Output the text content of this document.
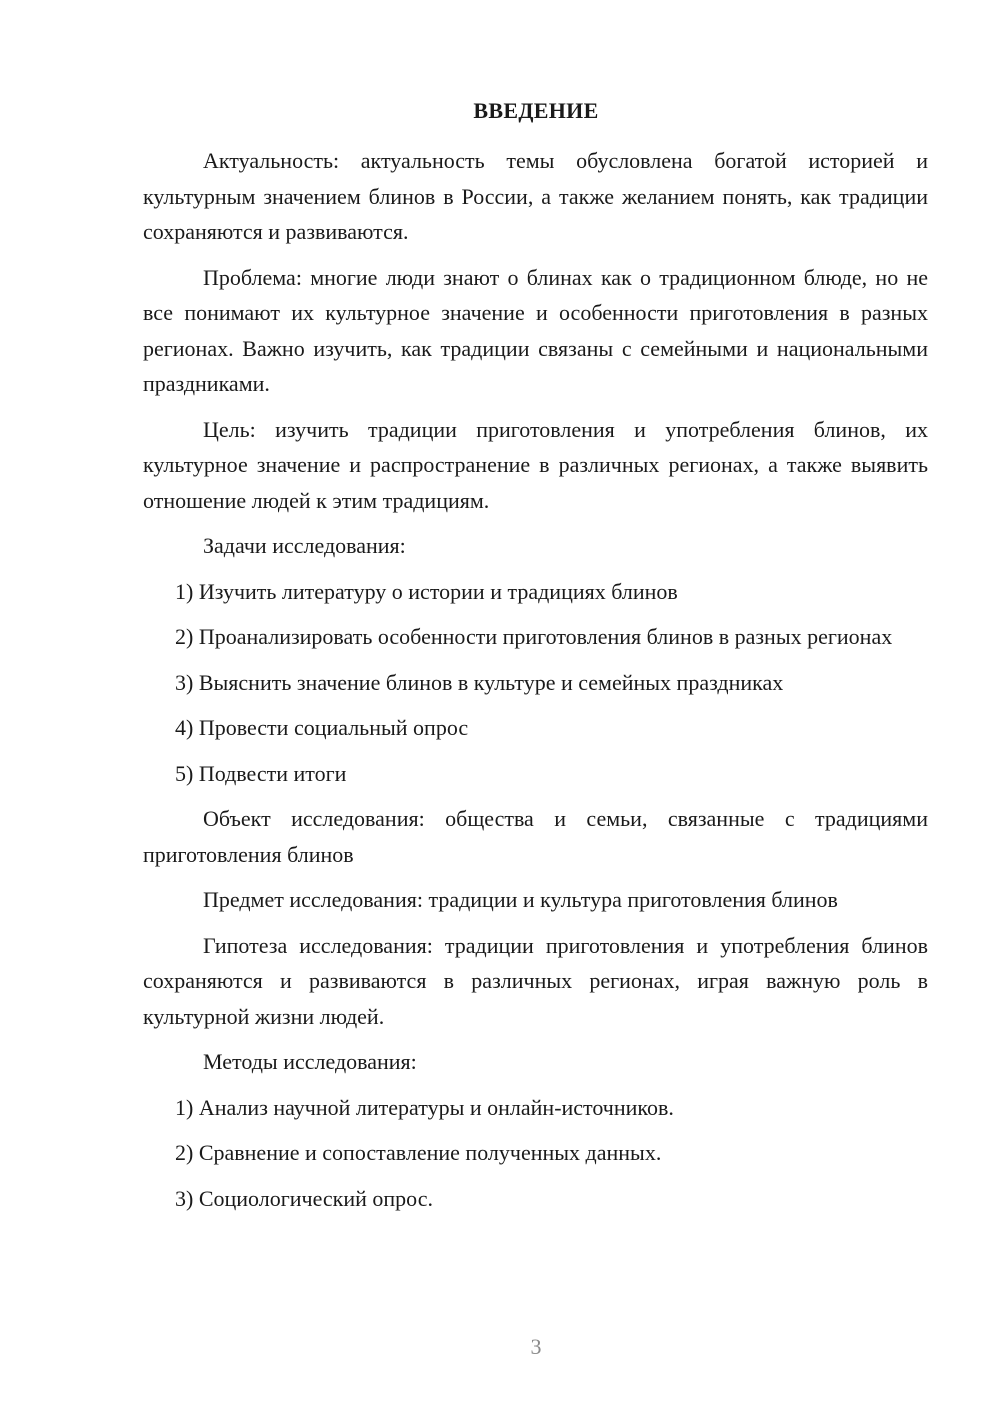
ВВЕДЕНИЕ

Актуальность: актуальность темы обусловлена богатой историей и культурным значением блинов в России, а также желанием понять, как традиции сохраняются и развиваются.

Проблема: многие люди знают о блинах как о традиционном блюде, но не все понимают их культурное значение и особенности приготовления в разных регионах. Важно изучить, как традиции связаны с семейными и национальными праздниками.

Цель: изучить традиции приготовления и употребления блинов, их культурное значение и распространение в различных регионах, а также выявить отношение людей к этим традициям.

Задачи исследования:

1) Изучить литературу о истории и традициях блинов

2) Проанализировать особенности приготовления блинов в разных регионах

3) Выяснить значение блинов в культуре и семейных праздниках

4) Провести социальный опрос

5) Подвести итоги

Объект исследования: общества и семьи, связанные с традициями приготовления блинов

Предмет исследования: традиции и культура приготовления блинов

Гипотеза исследования: традиции приготовления и употребления блинов сохраняются и развиваются в различных регионах, играя важную роль в культурной жизни людей.

Методы исследования:

1) Анализ научной литературы и онлайн-источников.

2) Сравнение и сопоставление полученных данных.

3) Социологический опрос.

3
